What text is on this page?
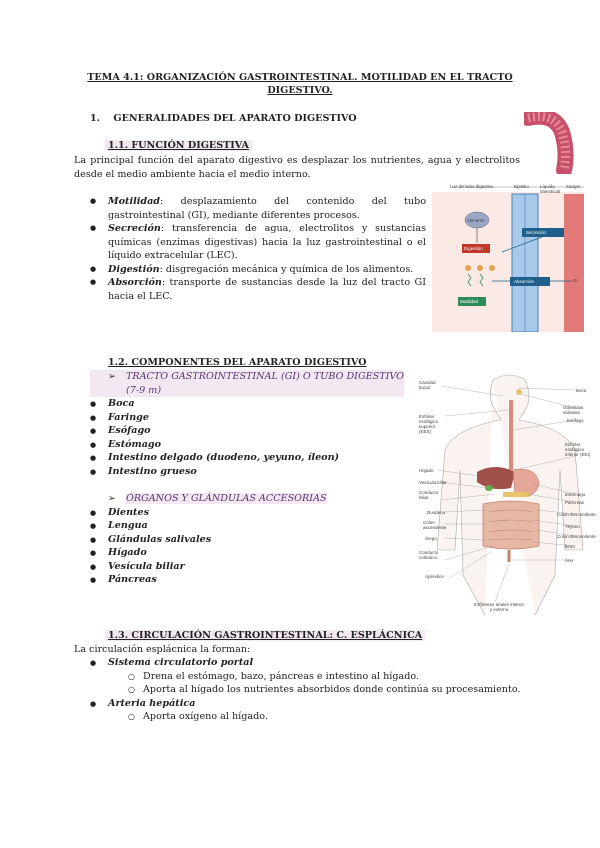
TEMA 4.1: ORGANIZACIÓN GASTROINTESTINAL. MOTILIDAD EN EL TRACTO
DIGESTIVO.
1. GENERALIDADES DEL APARATO DIGESTIVO
1.1. FUNCIÓN DIGESTIVA
La principal función del aparato digestivo es desplazar los nutrientes, agua y electrolitos desde el medio ambiente hacia el medio interno.
● Motilidad: desplazamiento del contenido del tubo gastrointestinal (GI), mediante diferentes procesos.
● Secreción: transferencia de agua, electrolitos y sustancias químicas (enzimas digestivas) hacia la luz gastrointestinal o el líquido extracelular (LEC).
● Digestión: disgregación mecánica y química de los alimentos.
● Absorción: transporte de sustancias desde la luz del tracto GI hacia el LEC.
Luz del tubo digestivo	Epitelio Líquido intersticial
Sangre
Alimento
Digestión
Secreción
Absorción
Motilidad
GI
1.2. COMPONENTES DEL APARATO DIGESTIVO
➢ TRACTO GASTROINTESTINAL (GI) O TUBO DIGESTIVO (7-9 m)
● Boca
● Faringe
● Esófago
● Estómago
● Intestino delgado (duodeno, yeyuno, íleon)
● Intestino grueso
➢ ÓRGANOS Y GLÁNDULAS ACCESORIAS
● Dientes
● Lengua
● Glándulas salivales
● Hígado
● Vesícula biliar
● Páncreas
Cavidad bucal
Esfínter esofágico superior (EES)
Hígado
Vesícula biliar
Conducto biliar
Duodeno
Colon ascendente
Ciego
Conducto colédoco
Apéndice
Boca
Glándulas salivales
Esófago
Esfínter esofágico inferior (EEI)
Estómago
Páncreas
Colon descendente
Yeyuno
Colon descendente
Íleon
Ano
Esfínteres anales interno y externo
1.3. CIRCULACIÓN GASTROINTESTINAL: C. ESPLÁCNICA
La circulación esplácnica la forman:
● Sistema circulatorio portal
○ Drena el estómago, bazo, páncreas e intestino al hígado.
○ Aporta al hígado los nutrientes absorbidos donde continúa su procesamiento.
● Arteria hepática
○ Aporta oxígeno al hígado.
